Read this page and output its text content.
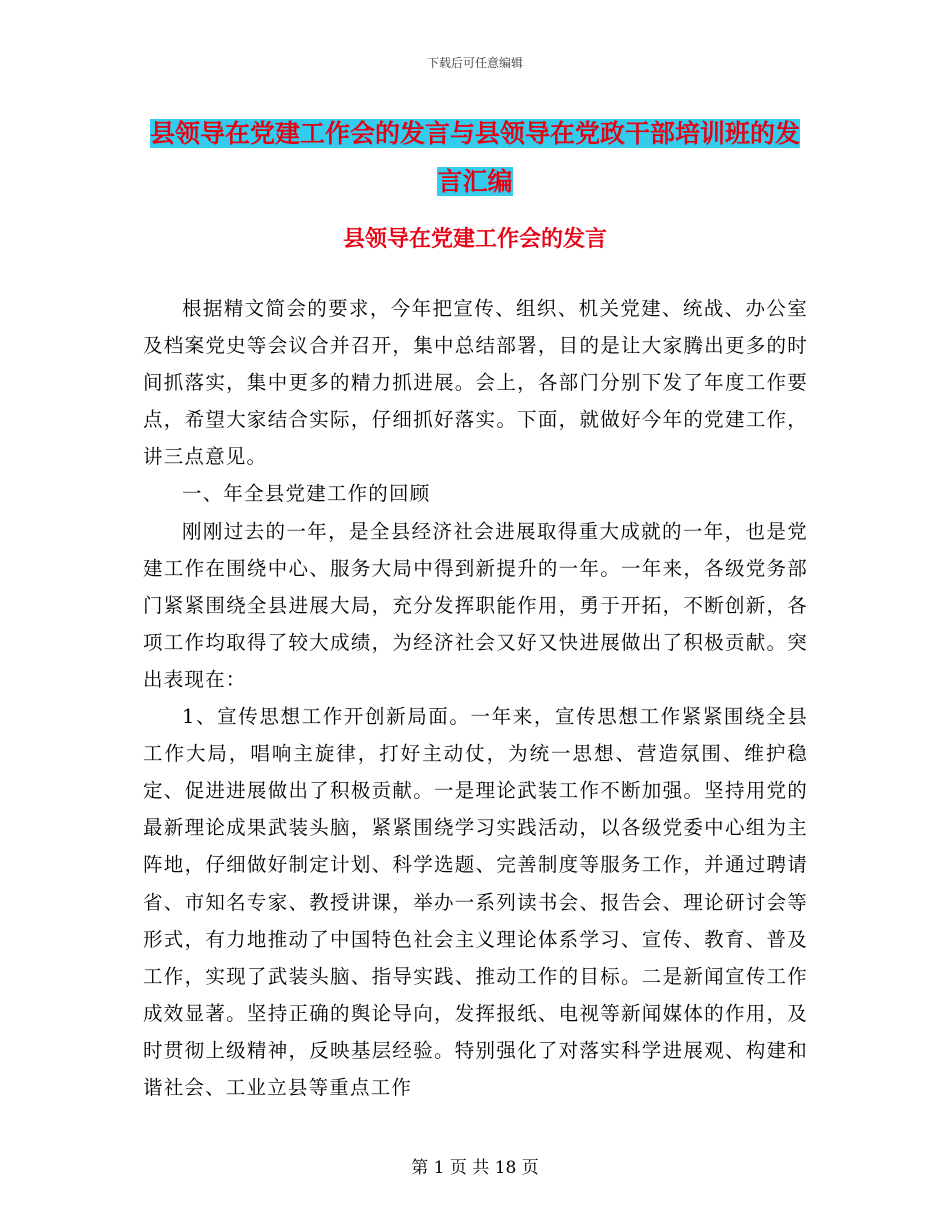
下载后可任意编辑
县领导在党建工作会的发言与县领导在党政干部培训班的发言汇编
县领导在党建工作会的发言

根据精文简会的要求，今年把宣传、组织、机关党建、统战、办公室及档案党史等会议合并召开，集中总结部署，目的是让大家腾出更多的时间抓落实，集中更多的精力抓进展。会上，各部门分别下发了年度工作要点，希望大家结合实际，仔细抓好落实。下面，就做好今年的党建工作，讲三点意见。

一、年全县党建工作的回顾

刚刚过去的一年，是全县经济社会进展取得重大成就的一年，也是党建工作在围绕中心、服务大局中得到新提升的一年。一年来，各级党务部门紧紧围绕全县进展大局，充分发挥职能作用，勇于开拓，不断创新，各项工作均取得了较大成绩，为经济社会又好又快进展做出了积极贡献。突出表现在：

1、宣传思想工作开创新局面。一年来，宣传思想工作紧紧围绕全县工作大局，唱响主旋律，打好主动仗，为统一思想、营造氛围、维护稳定、促进进展做出了积极贡献。一是理论武装工作不断加强。坚持用党的最新理论成果武装头脑，紧紧围绕学习实践活动，以各级党委中心组为主阵地，仔细做好制定计划、科学选题、完善制度等服务工作，并通过聘请省、市知名专家、教授讲课，举办一系列读书会、报告会、理论研讨会等形式，有力地推动了中国特色社会主义理论体系学习、宣传、教育、普及工作，实现了武装头脑、指导实践、推动工作的目标。二是新闻宣传工作成效显著。坚持正确的舆论导向，发挥报纸、电视等新闻媒体的作用，及时贯彻上级精神，反映基层经验。特别强化了对落实科学进展观、构建和谐社会、工业立县等重点工作

第 1 页 共 18 页
